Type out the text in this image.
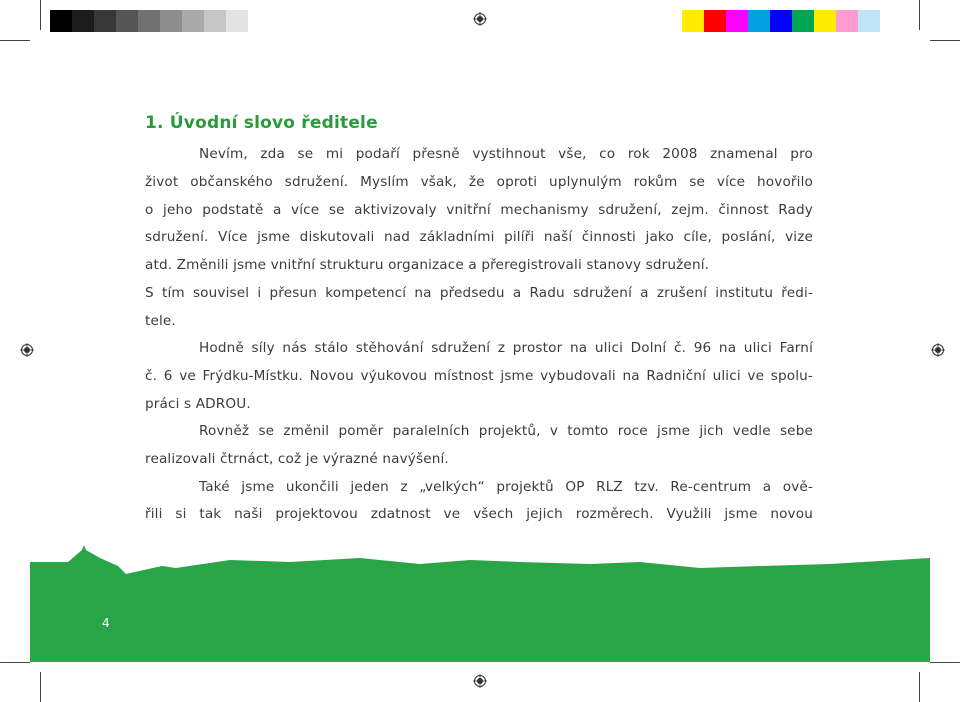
1. Úvodní slovo ředitele

Nevím, zda se mi podaří přesně vystihnout vše, co rok 2008 znamenal pro

život občanského sdružení. Myslím však, že oproti uplynulým rokům se více hovořilo

o jeho podstatě a více se aktivizovaly vnitřní mechanismy sdružení, zejm. činnost Rady

sdružení. Více jsme diskutovali nad základními pilíři naší činnosti jako cíle, poslání, vize

atd. Změnili jsme vnitřní strukturu organizace a přeregistrovali stanovy sdružení.

S tím souvisel i přesun kompetencí na předsedu a Radu sdružení a zrušení institutu ředi-

tele.

Hodně síly nás stálo stěhování sdružení z prostor na ulici Dolní č. 96 na ulici Farní

č. 6 ve Frýdku-Místku. Novou výukovou místnost jsme vybudovali na Radniční ulici ve spolu-

práci s ADROU.

Rovněž se změnil poměr paralelních projektů, v tomto roce jsme jich vedle sebe

realizovali čtrnáct, což je výrazné navýšení.

Také jsme ukončili jeden z „velkých“ projektů OP RLZ tzv. Re-centrum a ově-

řili si tak naši projektovou zdatnost ve všech jejich rozměrech. Využili jsme novou

4
